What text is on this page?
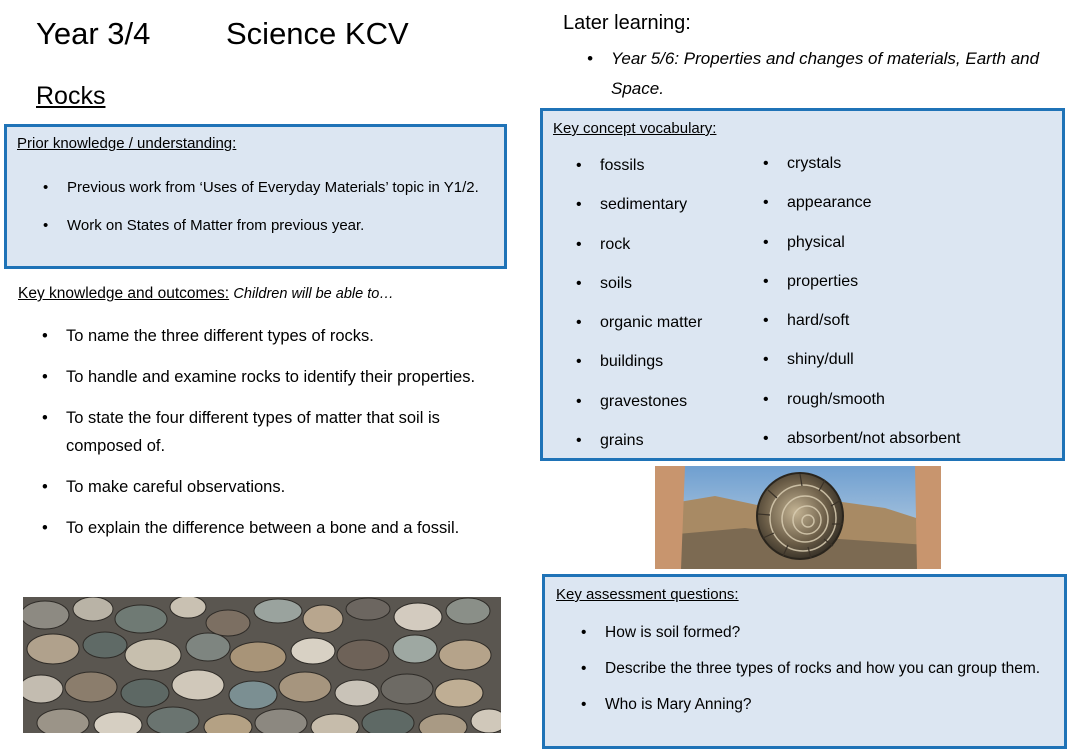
Year 3/4 Science KCV
Rocks
Prior knowledge / understanding:
• Previous work from ‘Uses of Everyday Materials’ topic in Y1/2.
• Work on States of Matter from previous year.
Key knowledge and outcomes: Children will be able to…
• To name the three different types of rocks.
• To handle and examine rocks to identify their properties.
• To state the four different types of matter that soil is composed of.
• To make careful observations.
• To explain the difference between a bone and a fossil.
Later learning:
• Year 5/6: Properties and changes of materials, Earth and Space.
Key concept vocabulary:
• fossils
• sedimentary
• rock
• soils
• organic matter
• buildings
• gravestones
• grains
• crystals
• appearance
• physical
• properties
• hard/soft
• shiny/dull
• rough/smooth
• absorbent/not absorbent
Key assessment questions:
• How is soil formed?
• Describe the three types of rocks and how you can group them.
• Who is Mary Anning?
